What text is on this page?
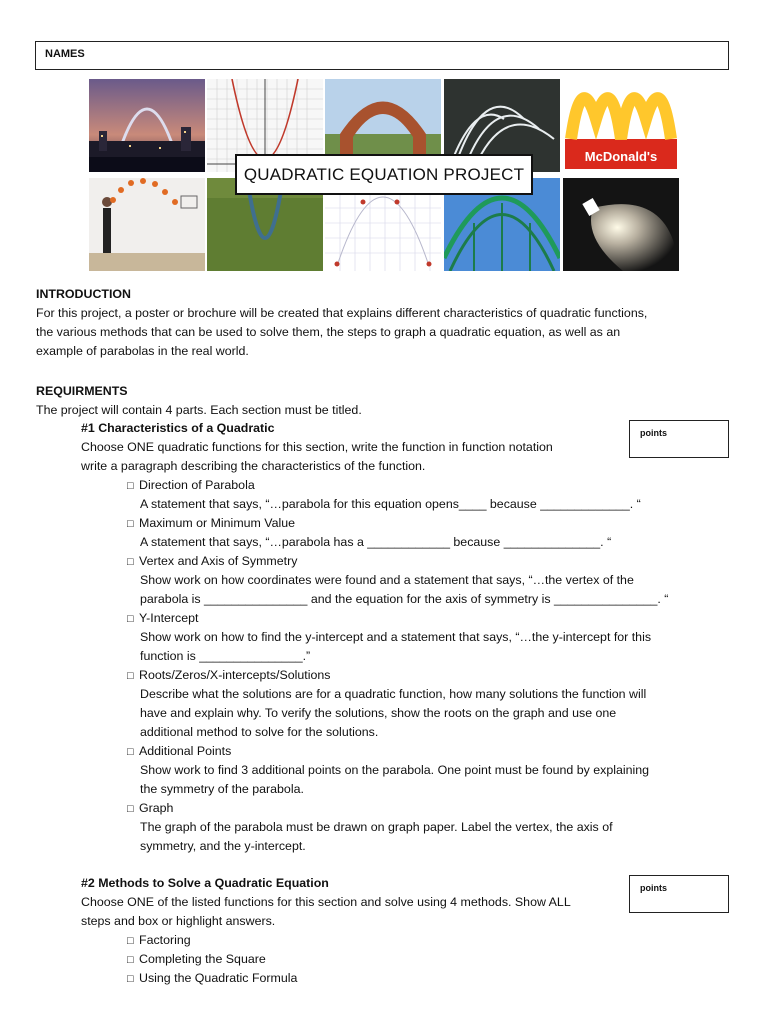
NAMES
McDonald's
QUADRATIC EQUATION PROJECT
INTRODUCTION
For this project, a poster or brochure will be created that explains different characteristics of quadratic functions,
the various methods that can be used to solve them, the steps to graph a quadratic equation, as well as an
example of parabolas in the real world.
REQUIRMENTS
The project will contain 4 parts. Each section must be titled.
#1 Characteristics of a Quadratic	points
Choose ONE quadratic functions for this section, write the function in function notation
write a paragraph describing the characteristics of the function.
□ Direction of Parabola
A statement that says, “…parabola for this equation opens____ because _____________. “
□ Maximum or Minimum Value
A statement that says, “…parabola has a ____________ because ______________. “
□ Vertex and Axis of Symmetry
Show work on how coordinates were found and a statement that says, “…the vertex of the
parabola is _______________ and the equation for the axis of symmetry is _______________. “
□ Y-Intercept
Show work on how to find the y-intercept and a statement that says, “…the y-intercept for this
function is _______________.”
□ Roots/Zeros/X-intercepts/Solutions
Describe what the solutions are for a quadratic function, how many solutions the function will
have and explain why. To verify the solutions, show the roots on the graph and use one
additional method to solve for the solutions.
□ Additional Points
Show work to find 3 additional points on the parabola. One point must be found by explaining
the symmetry of the parabola.
□ Graph
The graph of the parabola must be drawn on graph paper. Label the vertex, the axis of
symmetry, and the y-intercept.
#2 Methods to Solve a Quadratic Equation	points
Choose ONE of the listed functions for this section and solve using 4 methods. Show ALL
steps and box or highlight answers.
□ Factoring
□ Completing the Square
□ Using the Quadratic Formula
